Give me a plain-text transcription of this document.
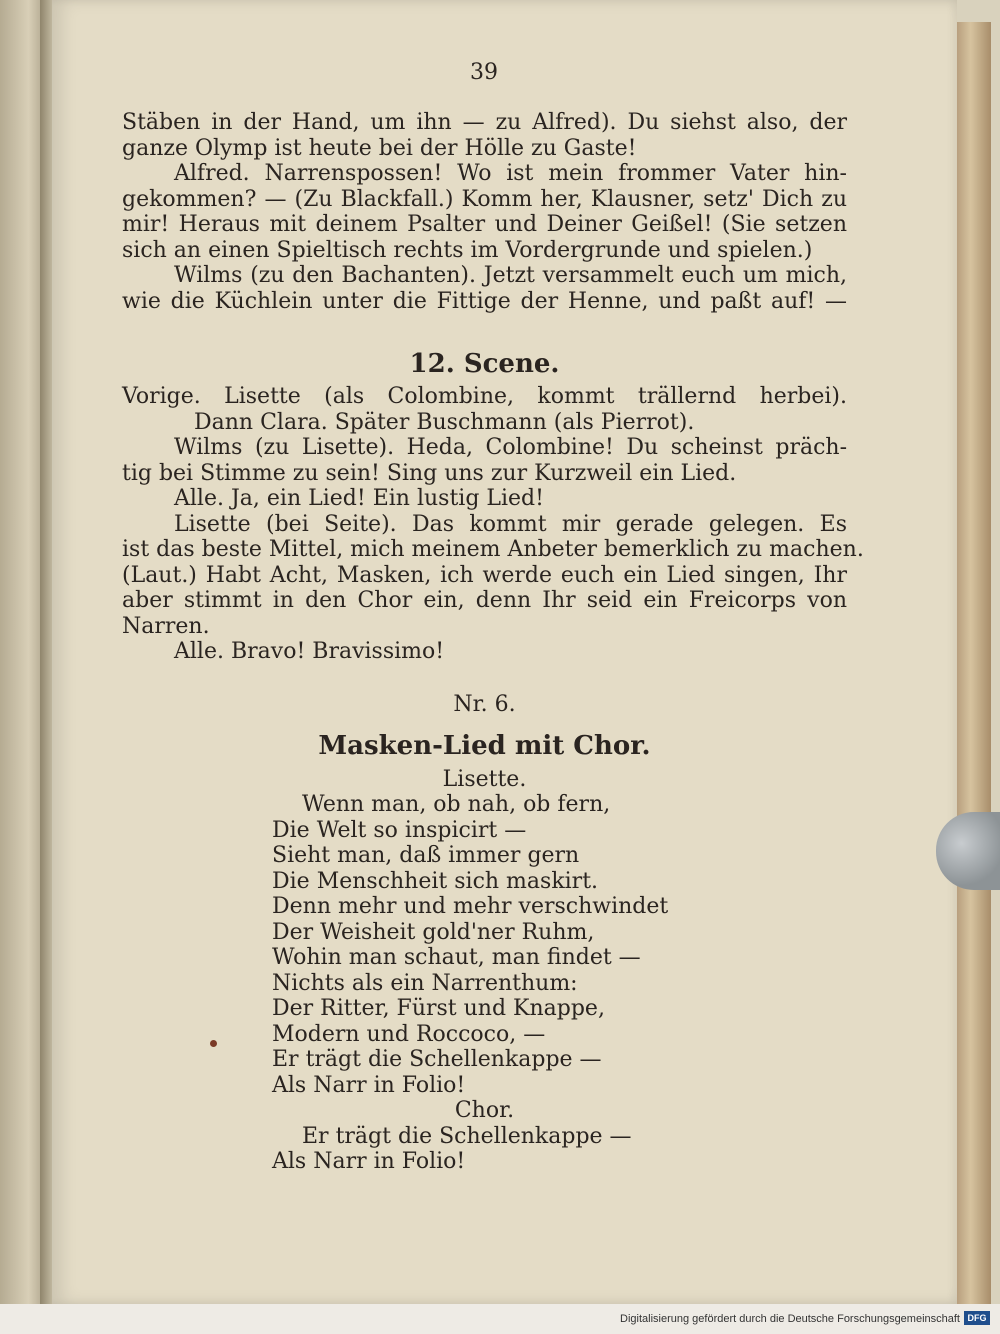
39
Stäben in der Hand, um ihn — zu Alfred). Du siehst also, der
ganze Olymp ist heute bei der Hölle zu Gaste!
Alfred. Narrenspossen! Wo ist mein frommer Vater hin-
gekommen? — (Zu Blackfall.) Komm her, Klausner, setz' Dich zu
mir! Heraus mit deinem Psalter und Deiner Geißel! (Sie setzen
sich an einen Spieltisch rechts im Vordergrunde und spielen.)
Wilms (zu den Bachanten). Jetzt versammelt euch um mich,
wie die Küchlein unter die Fittige der Henne, und paßt auf! —
12. Scene.
Vorige. Lisette (als Colombine, kommt trällernd herbei).
Dann Clara. Später Buschmann (als Pierrot).
Wilms (zu Lisette). Heda, Colombine! Du scheinst präch-
tig bei Stimme zu sein! Sing uns zur Kurzweil ein Lied.
Alle. Ja, ein Lied! Ein lustig Lied!
Lisette (bei Seite). Das kommt mir gerade gelegen. Es
ist das beste Mittel, mich meinem Anbeter bemerklich zu machen.
(Laut.) Habt Acht, Masken, ich werde euch ein Lied singen, Ihr
aber stimmt in den Chor ein, denn Ihr seid ein Freicorps von
Narren.
Alle. Bravo! Bravissimo!
Nr. 6.
Masken-Lied mit Chor.
Lisette.
Wenn man, ob nah, ob fern,
Die Welt so inspicirt —
Sieht man, daß immer gern
Die Menschheit sich maskirt.
Denn mehr und mehr verschwindet
Der Weisheit gold'ner Ruhm,
Wohin man schaut, man findet —
Nichts als ein Narrenthum:
Der Ritter, Fürst und Knappe,
Modern und Roccoco, —
Er trägt die Schellenkappe —
Als Narr in Folio!
Chor.
Er trägt die Schellenkappe —
Als Narr in Folio!
Digitalisierung gefördert durch die Deutsche Forschungsgemeinschaft DFG
